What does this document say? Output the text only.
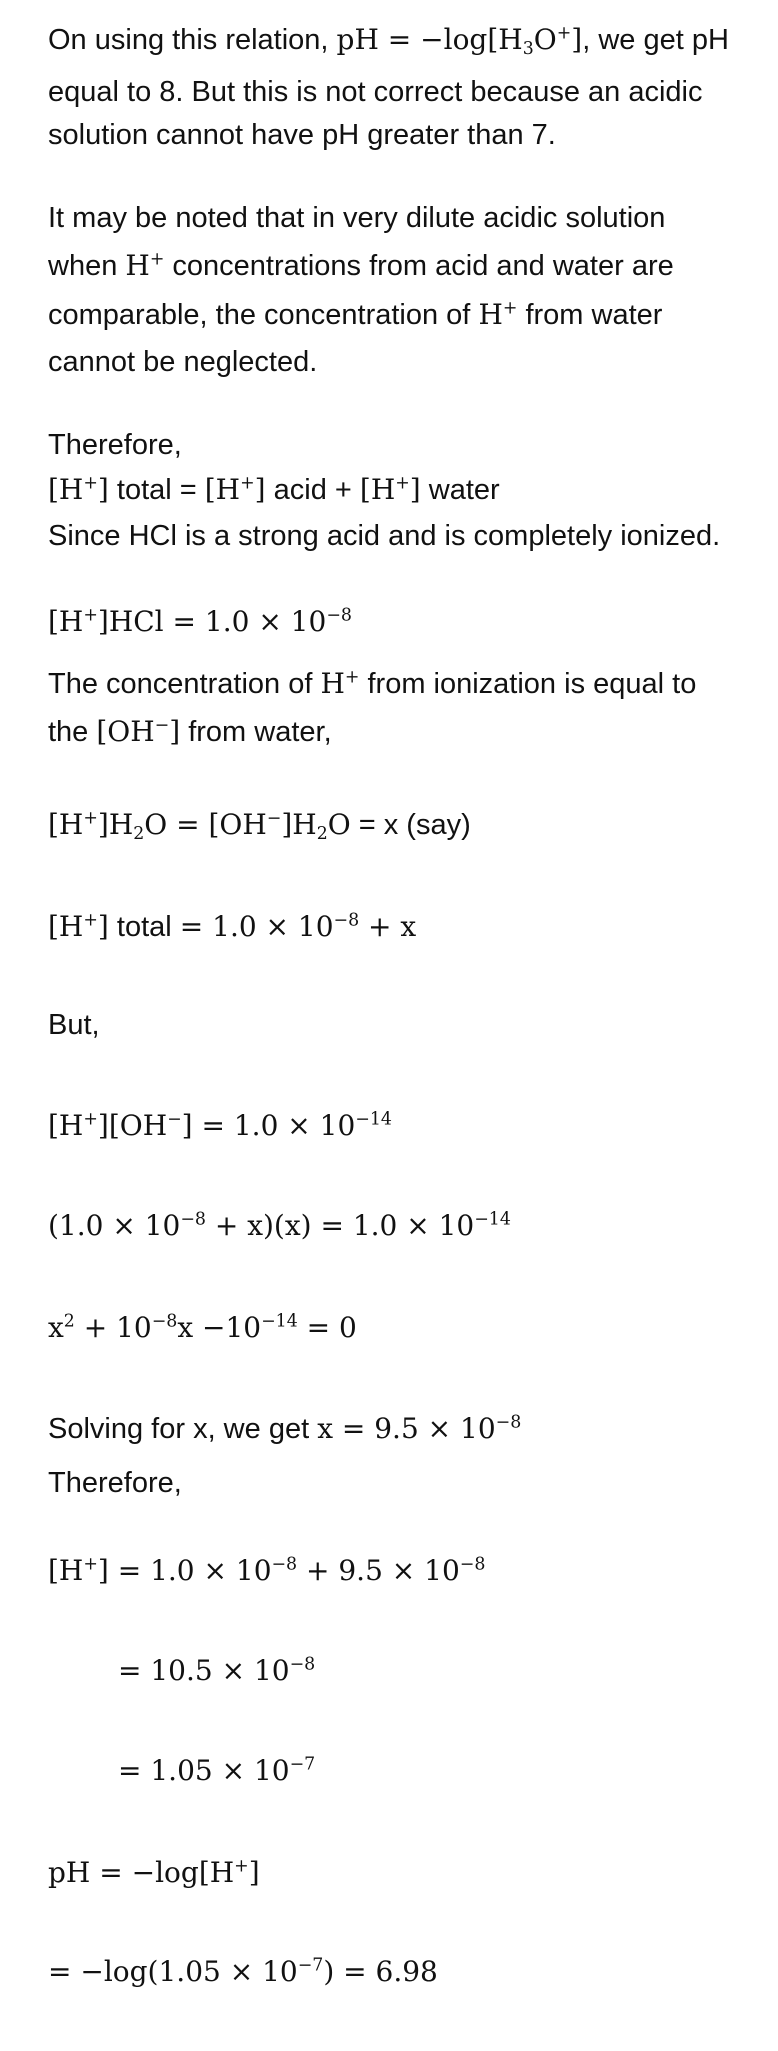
On using this relation, pH = $-\log[H_3O^+]$, we get pH
equal to 8. But this is not correct because an acidic
solution cannot have pH greater than 7.
It may be noted that in very dilute acidic solution
when H+ concentrations from acid and water are
comparable, the concentration of H+ from water
cannot be neglected.
Therefore,
[H+] total = [H+] acid + [H+] water
Since HCl is a strong acid and is completely ionized.
$[H^+]HCl = 1.0 \times 10^{-8}$
The concentration of H+ from ionization is equal to
the [OH−] from water,
$[H^+]H_2O = [OH^-]H_2O = x$ (say)
[H+] total = $1.0 \times 10^{-8} + x$
But,
$[H^+][OH^-] = 1.0 \times 10^{-14}$
$(1.0 \times 10^{-8} + x)(x) = 1.0 \times 10^{-14}$
$x^2 + 10^{-8}x -10^{-14} = 0$
Solving for x, we get $x = 9.5 \times 10^{-8}$
Therefore,
$[H^+] = 1.0 \times 10^{-8} + 9.5 \times 10^{-8}$
= $10.5 \times 10^{-8}$
= $1.05 \times 10^{-7}$
pH = −log[H+]
= $-\log(1.05 \times 10^{-7}) = 6.98$
